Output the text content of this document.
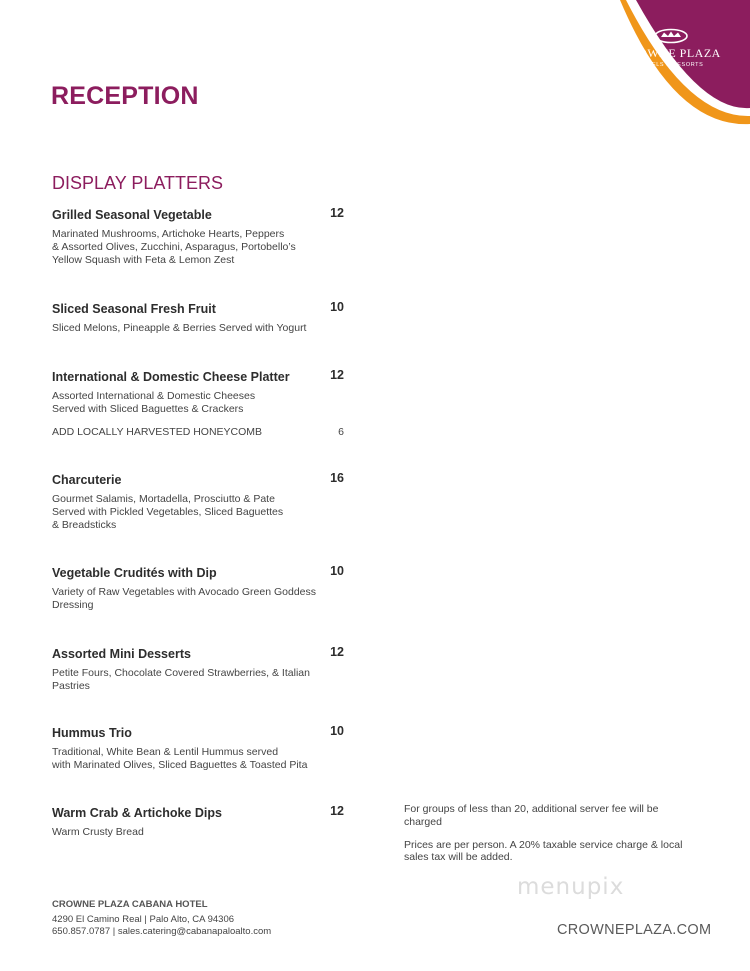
CROWNE PLAZA
HOTELS & RESORTS
RECEPTION
DISPLAY PLATTERS
Grilled Seasonal Vegetable	12
Marinated Mushrooms, Artichoke Hearts, Peppers
& Assorted Olives, Zucchini, Asparagus, Portobello’s
Yellow Squash with Feta & Lemon Zest
Sliced Seasonal Fresh Fruit	10
Sliced Melons, Pineapple & Berries Served with Yogurt
International & Domestic Cheese Platter	12
Assorted International & Domestic Cheeses
Served with Sliced Baguettes & Crackers
ADD LOCALLY HARVESTED HONEYCOMB	6
Charcuterie	16
Gourmet Salamis, Mortadella, Prosciutto & Pate
Served with Pickled Vegetables, Sliced Baguettes
& Breadsticks
Vegetable Crudités with Dip	10
Variety of Raw Vegetables with Avocado Green Goddess
Dressing
Assorted Mini Desserts	12
Petite Fours, Chocolate Covered Strawberries, & Italian
Pastries
Hummus Trio	10
Traditional, White Bean & Lentil Hummus served
with Marinated Olives, Sliced Baguettes & Toasted Pita
Warm Crab & Artichoke Dips	12
Warm Crusty Bread

For groups of less than 20, additional server fee will be charged

Prices are per person. A 20% taxable service charge & local sales tax will be added.

CROWNE PLAZA CABANA HOTEL
4290 El Camino Real | Palo Alto, CA 94306
650.857.0787 | sales.catering@cabanapaloalto.com
menupix
CROWNEPLAZA.COM
